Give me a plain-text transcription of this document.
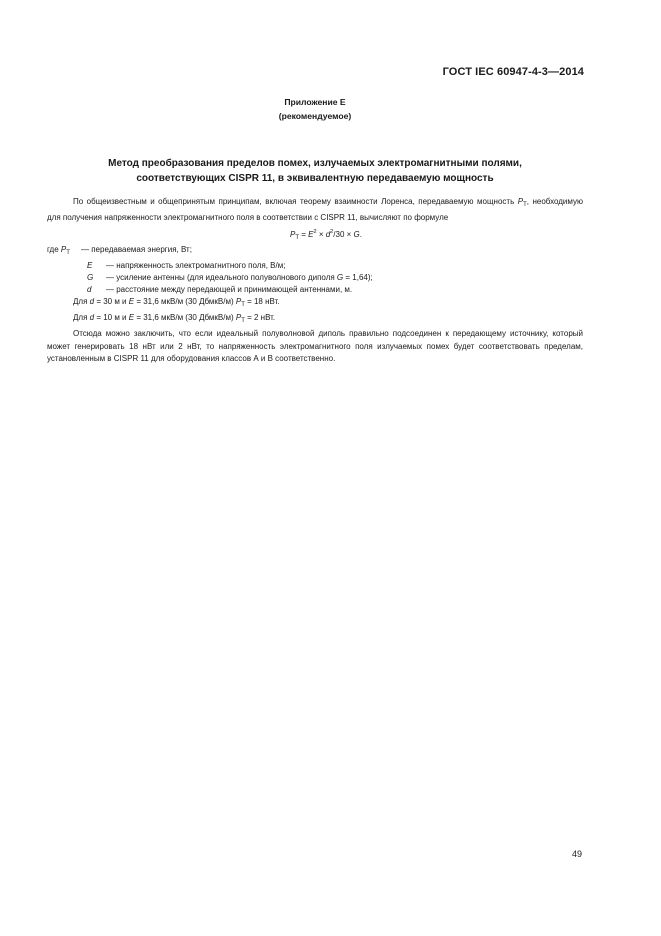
ГОСТ IEC 60947-4-3—2014
Приложение Е
(рекомендуемое)
Метод преобразования пределов помех, излучаемых электромагнитными полями,
соответствующих CISPR 11, в эквивалентную передаваемую мощность

По общеизвестным и общепринятым принципам, включая теорему взаимности Лоренса, передаваемую мощность $P_T$, необходимую для получения напряженности электромагнитного поля в соответствии с CISPR 11, вычисляют по формуле

$P_T = E^2 \times d^2/30 \times G$.

где $P_T$	— передаваемая энергия, Вт;
E	— напряженность электромагнитного поля, В/м;
G	— усиление антенны (для идеального полуволнового диполя G = 1,64);
d	— расстояние между передающей и принимающей антеннами, м.

Для d = 30 м и E = 31,6 мкВ/м (30 ДбмкВ/м) $P_T = 18$ нВт.

Для d = 10 м и E = 31,6 мкВ/м (30 ДбмкВ/м) $P_T = 2$ нВт.

Отсюда можно заключить, что если идеальный полуволновой диполь правильно подсоединен к передающему источнику, который может генерировать 18 нВт или 2 нВт, то напряженность электромагнитного поля излучаемых помех будет соответствовать пределам, установленным в CISPR 11 для оборудования классов А и В соответственно.

49
